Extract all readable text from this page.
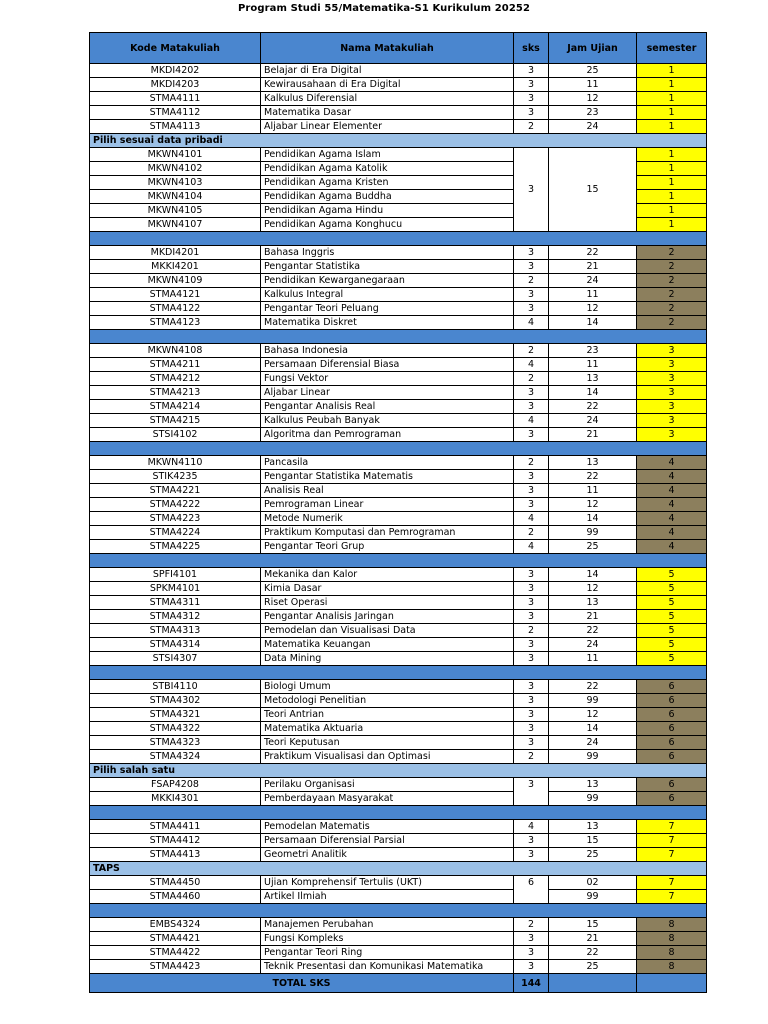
Program Studi 55/Matematika-S1 Kurikulum 20252
Kode Matakuliah	Nama Matakuliah	sks	Jam Ujian	semester
MKDI4202	Belajar di Era Digital	3	25	1
MKDI4203	Kewirausahaan di Era Digital	3	11	1
STMA4111	Kalkulus Diferensial	3	12	1
STMA4112	Matematika Dasar	3	23	1
STMA4113	Aljabar Linear Elementer	2	24	1
Pilih sesuai data pribadi				
MKWN4101	Pendidikan Agama Islam	3	15	1
MKWN4102	Pendidikan Agama Katolik			1
MKWN4103	Pendidikan Agama Kristen			1
MKWN4104	Pendidikan Agama Buddha			1
MKWN4105	Pendidikan Agama Hindu			1
MKWN4107	Pendidikan Agama Konghucu			1

MKDI4201	Bahasa Inggris	3	22	2
MKKI4201	Pengantar Statistika	3	21	2
MKWN4109	Pendidikan Kewarganegaraan	2	24	2
STMA4121	Kalkulus Integral	3	11	2
STMA4122	Pengantar Teori Peluang	3	12	2
STMA4123	Matematika Diskret	4	14	2

MKWN4108	Bahasa Indonesia	2	23	3
STMA4211	Persamaan Diferensial Biasa	4	11	3
STMA4212	Fungsi Vektor	2	13	3
STMA4213	Aljabar Linear	3	14	3
STMA4214	Pengantar Analisis Real	3	22	3
STMA4215	Kalkulus Peubah Banyak	4	24	3
STSI4102	Algoritma dan Pemrograman	3	21	3

MKWN4110	Pancasila	2	13	4
STIK4235	Pengantar Statistika Matematis	3	22	4
STMA4221	Analisis Real	3	11	4
STMA4222	Pemrograman Linear	3	12	4
STMA4223	Metode Numerik	4	14	4
STMA4224	Praktikum Komputasi dan Pemrograman	2	99	4
STMA4225	Pengantar Teori Grup	4	25	4

SPFI4101	Mekanika dan Kalor	3	14	5
SPKM4101	Kimia Dasar	3	12	5
STMA4311	Riset Operasi	3	13	5
STMA4312	Pengantar Analisis Jaringan	3	21	5
STMA4313	Pemodelan dan Visualisasi Data	2	22	5
STMA4314	Matematika Keuangan	3	24	5
STSI4307	Data Mining	3	11	5

STBI4110	Biologi Umum	3	22	6
STMA4302	Metodologi Penelitian	3	99	6
STMA4321	Teori Antrian	3	12	6
STMA4322	Matematika Aktuaria	3	14	6
STMA4323	Teori Keputusan	3	24	6
STMA4324	Praktikum Visualisasi dan Optimasi	2	99	6
Pilih salah satu				
FSAP4208	Perilaku Organisasi	3	13	6
MKKI4301	Pemberdayaan Masyarakat		99	6

STMA4411	Pemodelan Matematis	4	13	7
STMA4412	Persamaan Diferensial Parsial	3	15	7
STMA4413	Geometri Analitik	3	25	7
TAPS				
STMA4450	Ujian Komprehensif Tertulis (UKT)	6	02	7
STMA4460	Artikel Ilmiah		99	7

EMBS4324	Manajemen Perubahan	2	15	8
STMA4421	Fungsi Kompleks	3	21	8
STMA4422	Pengantar Teori Ring	3	22	8
STMA4423	Teknik Presentasi dan Komunikasi Matematika	3	25	8
TOTAL SKS		144		
